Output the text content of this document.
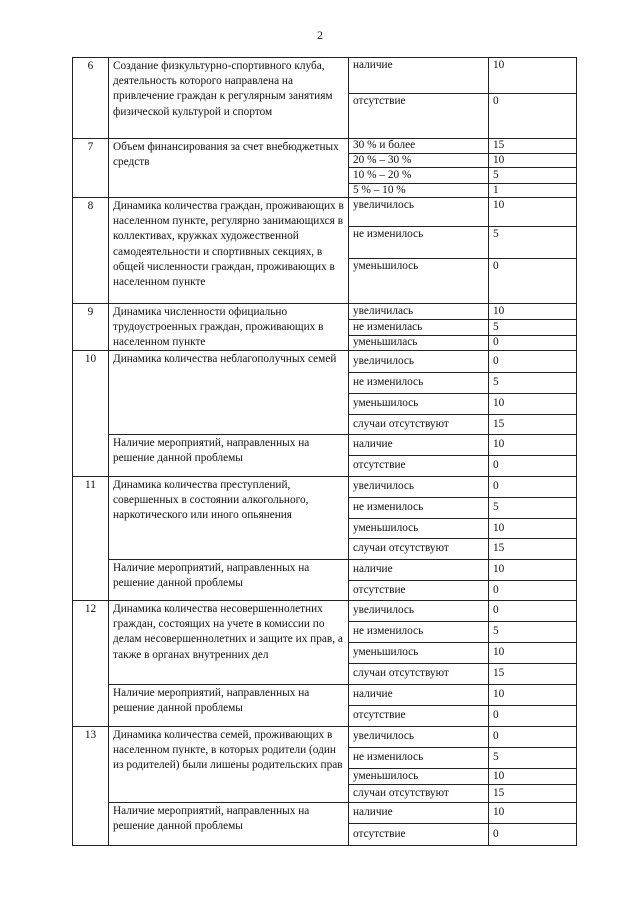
2
6	Создание физкультурно-спортивного клуба, деятельность которого направлена на привлечение граждан к регулярным занятиям физической культурой и спортом
наличие	10
отсутствие	0
7	Объем финансирования за счет внебюджетных средств
30 % и более	15
20 % – 30 %	10
10 % – 20 %	5
5 % – 10 %	1
8	Динамика количества граждан, проживающих в населенном пункте, регулярно занимающихся в коллективах, кружках художественной самодеятельности и спортивных секциях, в общей численности граждан, проживающих в населенном пункте
увеличилось	10
не изменилось	5
уменьшилось	0
9	Динамика численности официально трудоустроенных граждан, проживающих в населенном пункте
увеличилась	10
не изменилась	5
уменьшилась	0
10	Динамика количества неблагополучных семей	увеличилось	0
не изменилось	5
уменьшилось	10
случаи отсутствуют	15
Наличие мероприятий, направленных на решение данной проблемы
наличие	10
отсутствие	0
11	Динамика количества преступлений, совершенных в состоянии алкогольного, наркотического или иного опьянения
увеличилось	0
не изменилось	5
уменьшилось	10
случаи отсутствуют	15
Наличие мероприятий, направленных на решение данной проблемы
наличие	10
отсутствие	0
12	Динамика количества несовершеннолетних граждан, состоящих на учете в комиссии по делам несовершеннолетних и защите их прав, а также в органах внутренних дел
увеличилось	0
не изменилось	5
уменьшилось	10
случаи отсутствуют	15
Наличие мероприятий, направленных на решение данной проблемы
наличие	10
отсутствие	0
13	Динамика количества семей, проживающих в населенном пункте, в которых родители (один из родителей) были лишены родительских прав
увеличилось	0
не изменилось	5
уменьшилось	10
случаи отсутствуют	15
Наличие мероприятий, направленных на решение данной проблемы
наличие	10
отсутствие	0
